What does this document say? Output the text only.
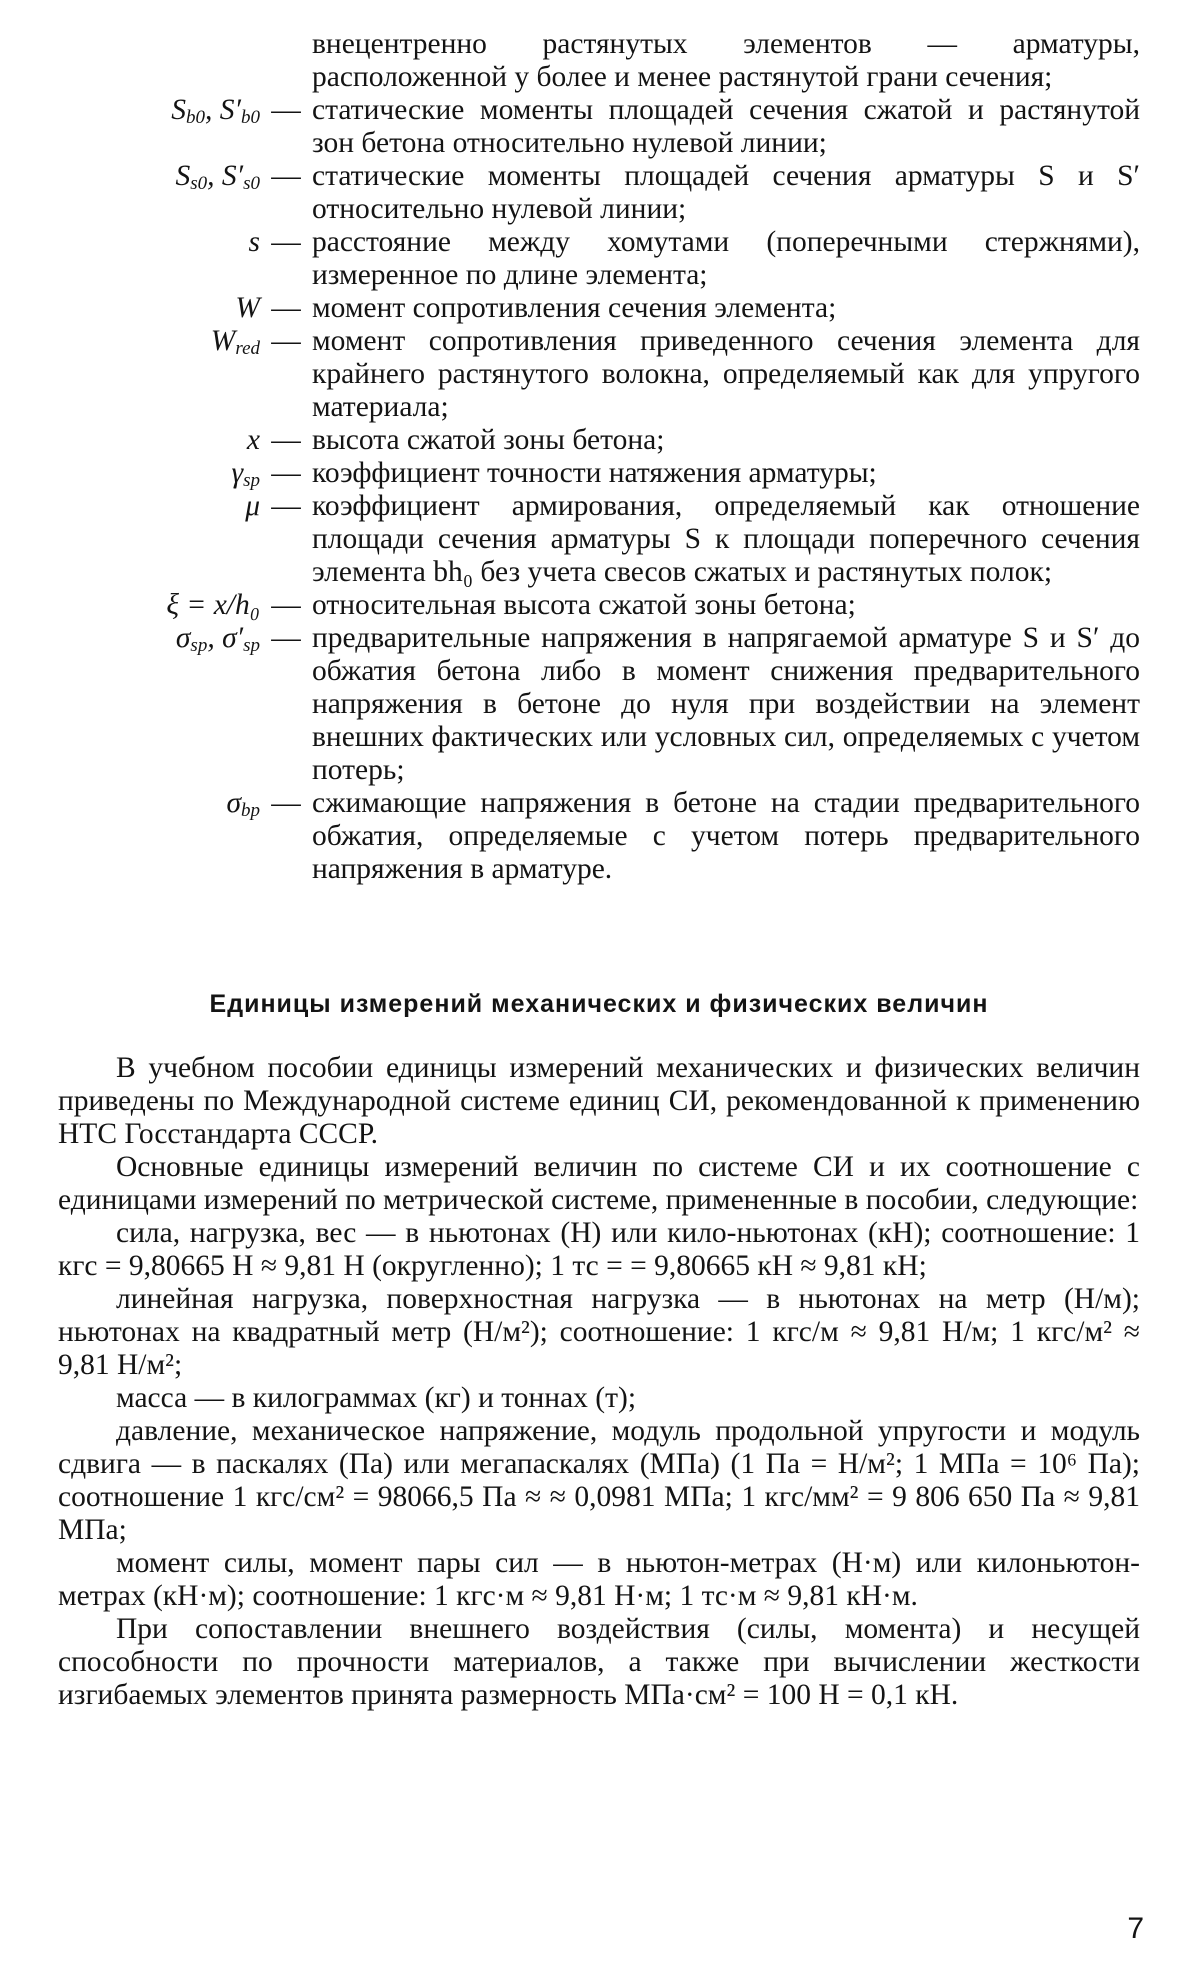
внецентренно растянутых элементов — арматуры, расположенной у более и менее растянутой грани сечения;
$S_{b0}$, $S'_{b0}$ — статические моменты площадей сечения сжатой и растянутой зон бетона относительно нулевой линии;
$S_{s0}$, $S'_{s0}$ — статические моменты площадей сечения арматуры S и S′ относительно нулевой линии;
s — расстояние между хомутами (поперечными стержнями), измеренное по длине элемента;
W — момент сопротивления сечения элемента;
$W_{red}$ — момент сопротивления приведенного сечения элемента для крайнего растянутого волокна, определяемый как для упругого материала;
x — высота сжатой зоны бетона;
$\gamma_{sp}$ — коэффициент точности натяжения арматуры;
μ — коэффициент армирования, определяемый как отношение площади сечения арматуры S к площади поперечного сечения элемента bh₀ без учета свесов сжатых и растянутых полок;
ξ = x/h₀ — относительная высота сжатой зоны бетона;
$\sigma_{sp}$, $\sigma'_{sp}$ — предварительные напряжения в напрягаемой арматуре S и S′ до обжатия бетона либо в момент снижения предварительного напряжения в бетоне до нуля при воздействии на элемент внешних фактических или условных сил, определяемых с учетом потерь;
$\sigma_{bp}$ — сжимающие напряжения в бетоне на стадии предварительного обжатия, определяемые с учетом потерь предварительного напряжения в арматуре.
Единицы измерений механических и физических величин

В учебном пособии единицы измерений механических и физических величин приведены по Международной системе единиц СИ, рекомендованной к применению НТС Госстандарта СССР.

Основные единицы измерений величин по системе СИ и их соотношение с единицами измерений по метрической системе, примененные в пособии, следующие:

сила, нагрузка, вес — в ньютонах (Н) или кило-ньютонах (кН); соотношение: 1 кгс = 9,80665 Н ≈ 9,81 Н (округленно); 1 тс = = 9,80665 кН ≈ 9,81 кН;

линейная нагрузка, поверхностная нагрузка — в ньютонах на метр (Н/м); ньютонах на квадратный метр (Н/м²); соотношение: 1 кгс/м ≈ 9,81 Н/м; 1 кгс/м² ≈ 9,81 Н/м²;

масса — в килограммах (кг) и тоннах (т);

давление, механическое напряжение, модуль продольной упругости и модуль сдвига — в паскалях (Па) или мегапаскалях (МПа) (1 Па = Н/м²; 1 МПа = 10⁶ Па); соотношение 1 кгс/см² = 98066,5 Па ≈ ≈ 0,0981 МПа; 1 кгс/мм² = 9 806 650 Па ≈ 9,81 МПа;

момент силы, момент пары сил — в ньютон-метрах (Н·м) или килоньютон-метрах (кН·м); соотношение: 1 кгс·м ≈ 9,81 Н·м; 1 тс·м ≈ 9,81 кН·м.

При сопоставлении внешнего воздействия (силы, момента) и несущей способности по прочности материалов, а также при вычислении жесткости изгибаемых элементов принята размерность МПа·см² = 100 Н = 0,1 кН.

7
